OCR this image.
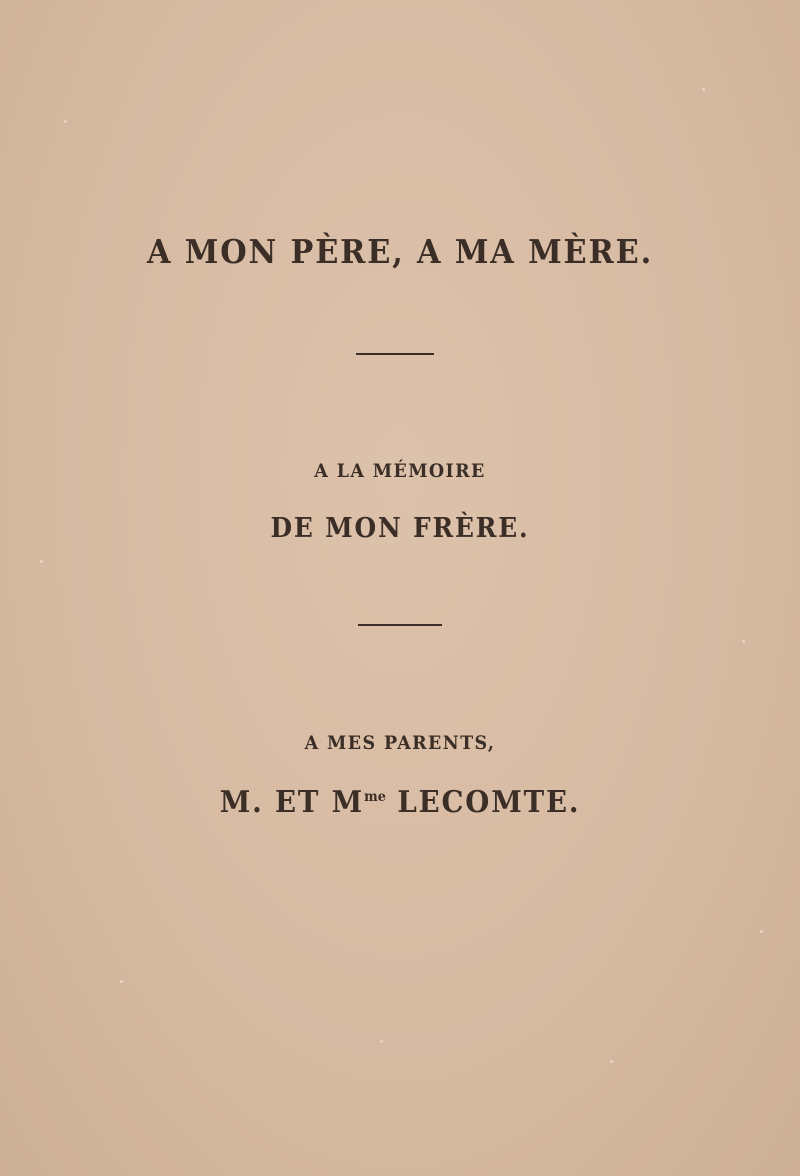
A MON PÈRE, A MA MÈRE.
A LA MÉMOIRE
DE MON FRÈRE.
A MES PARENTS,
M. ET $M^{me}$ LECOMTE.
